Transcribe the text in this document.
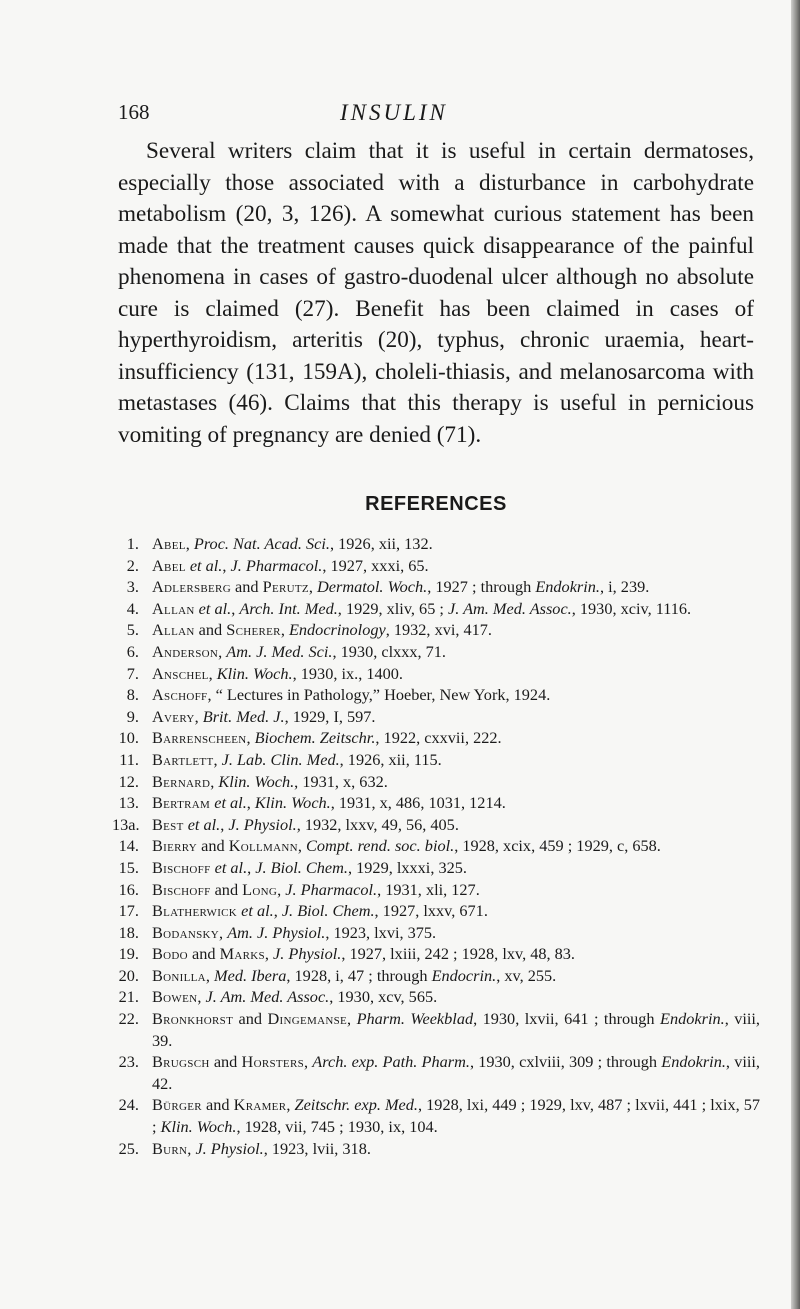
168	INSULIN

Several writers claim that it is useful in certain dermatoses, especially those associated with a disturbance in carbohydrate metabolism (20, 3, 126). A somewhat curious statement has been made that the treatment causes quick disappearance of the painful phenomena in cases of gastro-duodenal ulcer although no absolute cure is claimed (27). Benefit has been claimed in cases of hyperthyroidism, arteritis (20), typhus, chronic uraemia, heart-insufficiency (131, 159A), choleli-thiasis, and melanosarcoma with metastases (46). Claims that this therapy is useful in pernicious vomiting of pregnancy are denied (71).

REFERENCES
1. Abel, Proc. Nat. Acad. Sci., 1926, xii, 132.
2. Abel et al., J. Pharmacol., 1927, xxxi, 65.
3. Adlersberg and Perutz, Dermatol. Woch., 1927 ; through Endokrin., i, 239.
4. Allan et al., Arch. Int. Med., 1929, xliv, 65 ; J. Am. Med. Assoc., 1930, xciv, 1116.
5. Allan and Scherer, Endocrinology, 1932, xvi, 417.
6. Anderson, Am. J. Med. Sci., 1930, clxxx, 71.
7. Anschel, Klin. Woch., 1930, ix., 1400.
8. Aschoff, “ Lectures in Pathology,” Hoeber, New York, 1924.
9. Avery, Brit. Med. J., 1929, I, 597.
10. Barrenscheen, Biochem. Zeitschr., 1922, cxxvii, 222.
11. Bartlett, J. Lab. Clin. Med., 1926, xii, 115.
12. Bernard, Klin. Woch., 1931, x, 632.
13. Bertram et al., Klin. Woch., 1931, x, 486, 1031, 1214.
13a. Best et al., J. Physiol., 1932, lxxv, 49, 56, 405.
14. Bierry and Kollmann, Compt. rend. soc. biol., 1928, xcix, 459 ; 1929, c, 658.
15. Bischoff et al., J. Biol. Chem., 1929, lxxxi, 325.
16. Bischoff and Long, J. Pharmacol., 1931, xli, 127.
17. Blatherwick et al., J. Biol. Chem., 1927, lxxv, 671.
18. Bodansky, Am. J. Physiol., 1923, lxvi, 375.
19. Bodo and Marks, J. Physiol., 1927, lxiii, 242 ; 1928, lxv, 48, 83.
20. Bonilla, Med. Ibera, 1928, i, 47 ; through Endocrin., xv, 255.
21. Bowen, J. Am. Med. Assoc., 1930, xcv, 565.
22. Bronkhorst and Dingemanse, Pharm. Weekblad, 1930, lxvii, 641 ; through Endokrin., viii, 39.
23. Brugsch and Horsters, Arch. exp. Path. Pharm., 1930, cxlviii, 309 ; through Endokrin., viii, 42.
24. Bürger and Kramer, Zeitschr. exp. Med., 1928, lxi, 449 ; 1929, lxv, 487 ; lxvii, 441 ; lxix, 57 ; Klin. Woch., 1928, vii, 745 ; 1930, ix, 104.
25. Burn, J. Physiol., 1923, lvii, 318.
